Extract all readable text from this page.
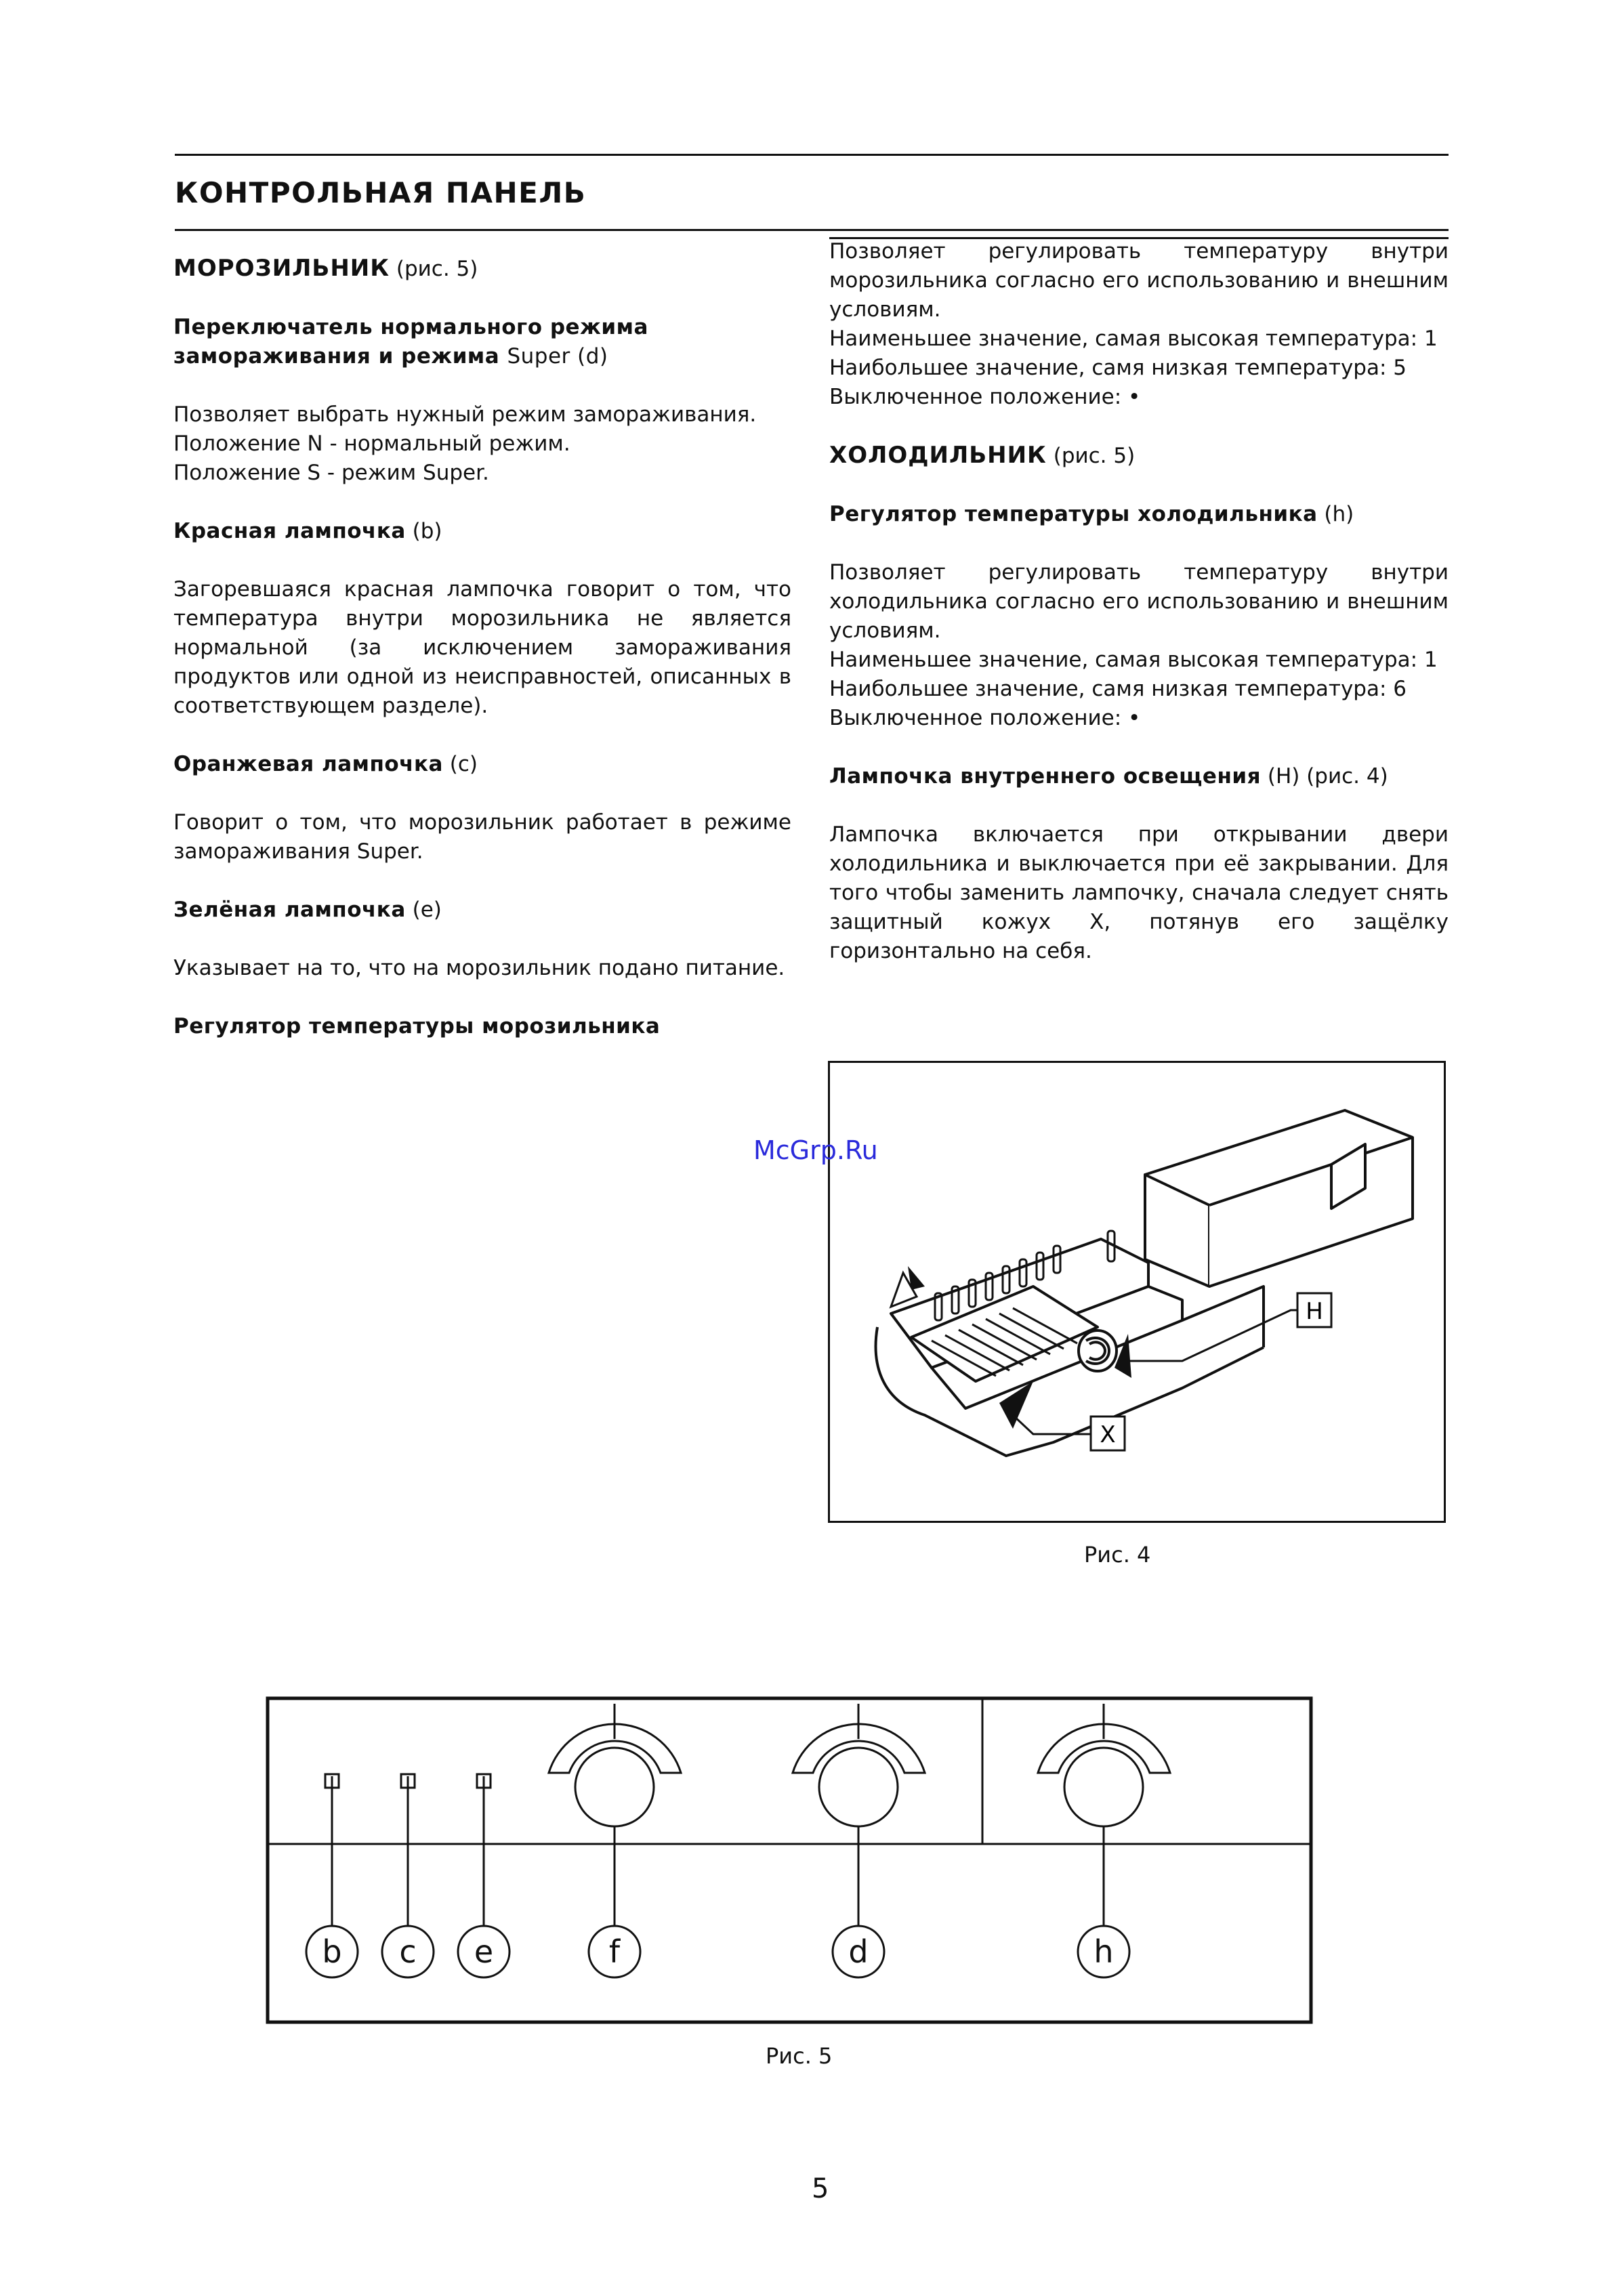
КОНТРОЛЬНАЯ ПАНЕЛЬ

МОРОЗИЛЬНИК (рис. 5)

Переключатель нормального режима замораживания и режима Super (d)

Позволяет выбрать нужный режим замораживания.

Положение N - нормальный режим.

Положение S - режим Super.

Красная лампочка (b)

Загоревшаяся красная лампочка говорит о том, что температура внутри морозильника не является нормальной (за исключением замораживания продуктов или одной из неисправностей, описанных в соответствующем разделе).

Оранжевая лампочка (c)

Говорит о том, что морозильник работает в режиме замораживания Super.

Зелёная лампочка (e)

Указывает на то, что на морозильник подано питание.

Регулятор температуры морозильника

Позволяет регулировать температуру внутри морозильника согласно его использованию и внешним условиям.

Наименьшее значение, самая высокая температура: 1

Наибольшее значение, самя низкая температура: 5

Выключенное положение: •

ХОЛОДИЛЬНИК (рис. 5)

Регулятор температуры холодильника (h)

Позволяет регулировать температуру внутри холодильника согласно его использованию и внешним условиям.

Наименьшее значение, самая высокая температура: 1

Наибольшее значение, самя низкая температура: 6

Выключенное положение: •

Лампочка внутреннего освещения (H) (рис. 4)

Лампочка включается при открывании двери холодильника и выключается при её закрывании. Для того чтобы заменить лампочку, сначала следует снять защитный кожух X, потянув его защёлку горизонтально на себя.

H
X
Рис. 4
McGrp.Ru
b c e	f	d	h
Рис. 5
5
